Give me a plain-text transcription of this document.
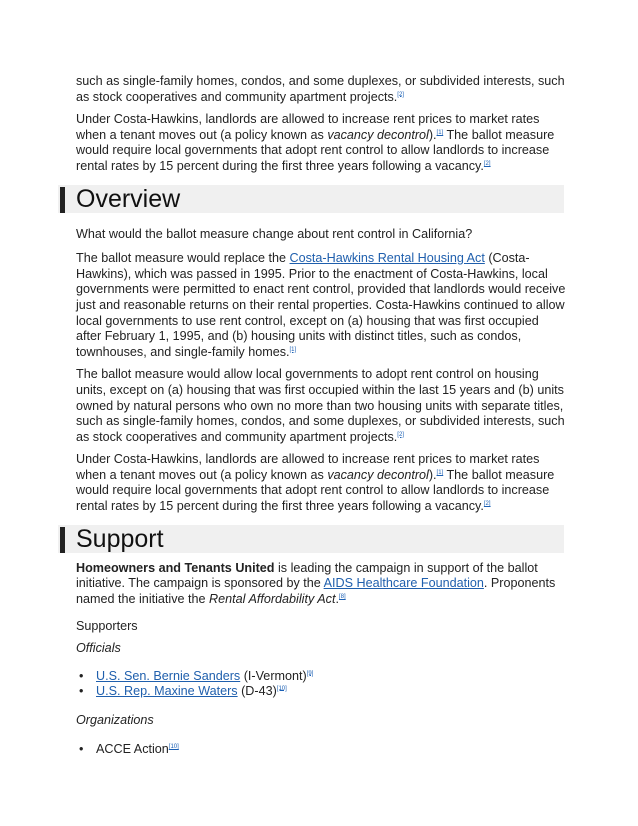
such as single-family homes, condos, and some duplexes, or subdivided interests, such as stock cooperatives and community apartment projects.[2]

Under Costa-Hawkins, landlords are allowed to increase rent prices to market rates when a tenant moves out (a policy known as vacancy decontrol).[1] The ballot measure would require local governments that adopt rent control to allow landlords to increase rental rates by 15 percent during the first three years following a vacancy.[2]

Overview

What would the ballot measure change about rent control in California?

The ballot measure would replace the Costa-Hawkins Rental Housing Act (Costa-Hawkins), which was passed in 1995. Prior to the enactment of Costa-Hawkins, local governments were permitted to enact rent control, provided that landlords would receive just and reasonable returns on their rental properties. Costa-Hawkins continued to allow local governments to use rent control, except on (a) housing that was first occupied after February 1, 1995, and (b) housing units with distinct titles, such as condos, townhouses, and single-family homes.[1]

The ballot measure would allow local governments to adopt rent control on housing units, except on (a) housing that was first occupied within the last 15 years and (b) units owned by natural persons who own no more than two housing units with separate titles, such as single-family homes, condos, and some duplexes, or subdivided interests, such as stock cooperatives and community apartment projects.[2]

Under Costa-Hawkins, landlords are allowed to increase rent prices to market rates when a tenant moves out (a policy known as vacancy decontrol).[1] The ballot measure would require local governments that adopt rent control to allow landlords to increase rental rates by 15 percent during the first three years following a vacancy.[2]

Support

Homeowners and Tenants United is leading the campaign in support of the ballot initiative. The campaign is sponsored by the AIDS Healthcare Foundation. Proponents named the initiative the Rental Affordability Act.[8]

Supporters

Officials

• U.S. Sen. Bernie Sanders (I-Vermont)[9]
• U.S. Rep. Maxine Waters (D-43)[10]

Organizations

• ACCE Action[10]
